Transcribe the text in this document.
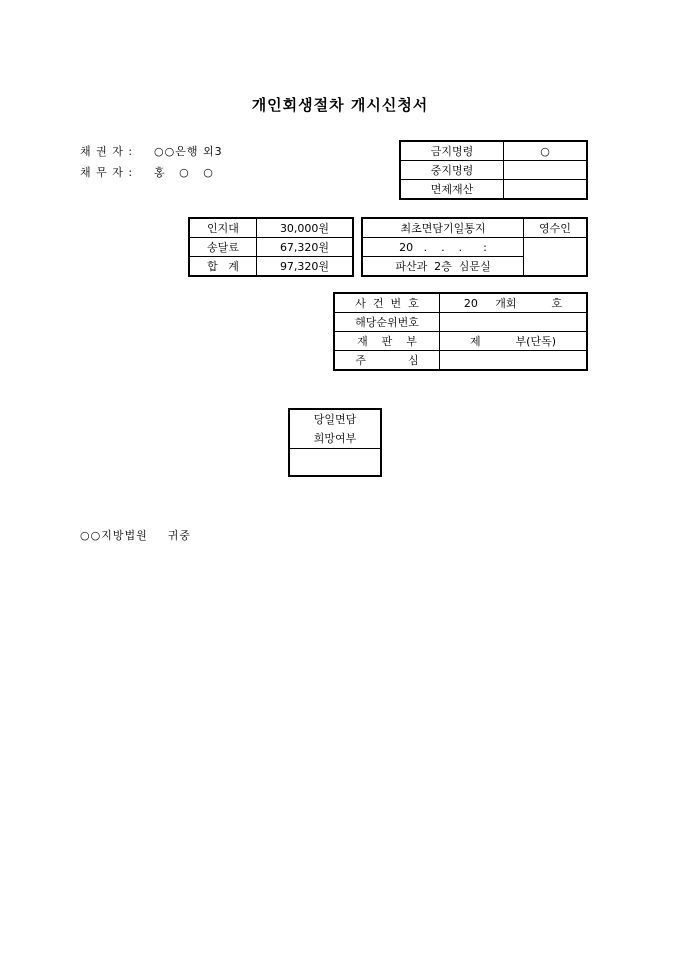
개인회생절차 개시신청서
채 권 자 : ○○은행 외3
채 무 자 : 홍   ○   ○
금지명령	○
중지명령	
면제재산	
인지대	30,000원
송달료	67,320원
합   계	97,320원
최초면담기일통지	영수인
20   .    .    .      :	
파산과  2층  심문실	
사  건  번  호	20     개회          호
해당순위번호	
재    판    부	제          부(단독)
주            심	
당일면담
희망여부

○○지방법원 귀중
